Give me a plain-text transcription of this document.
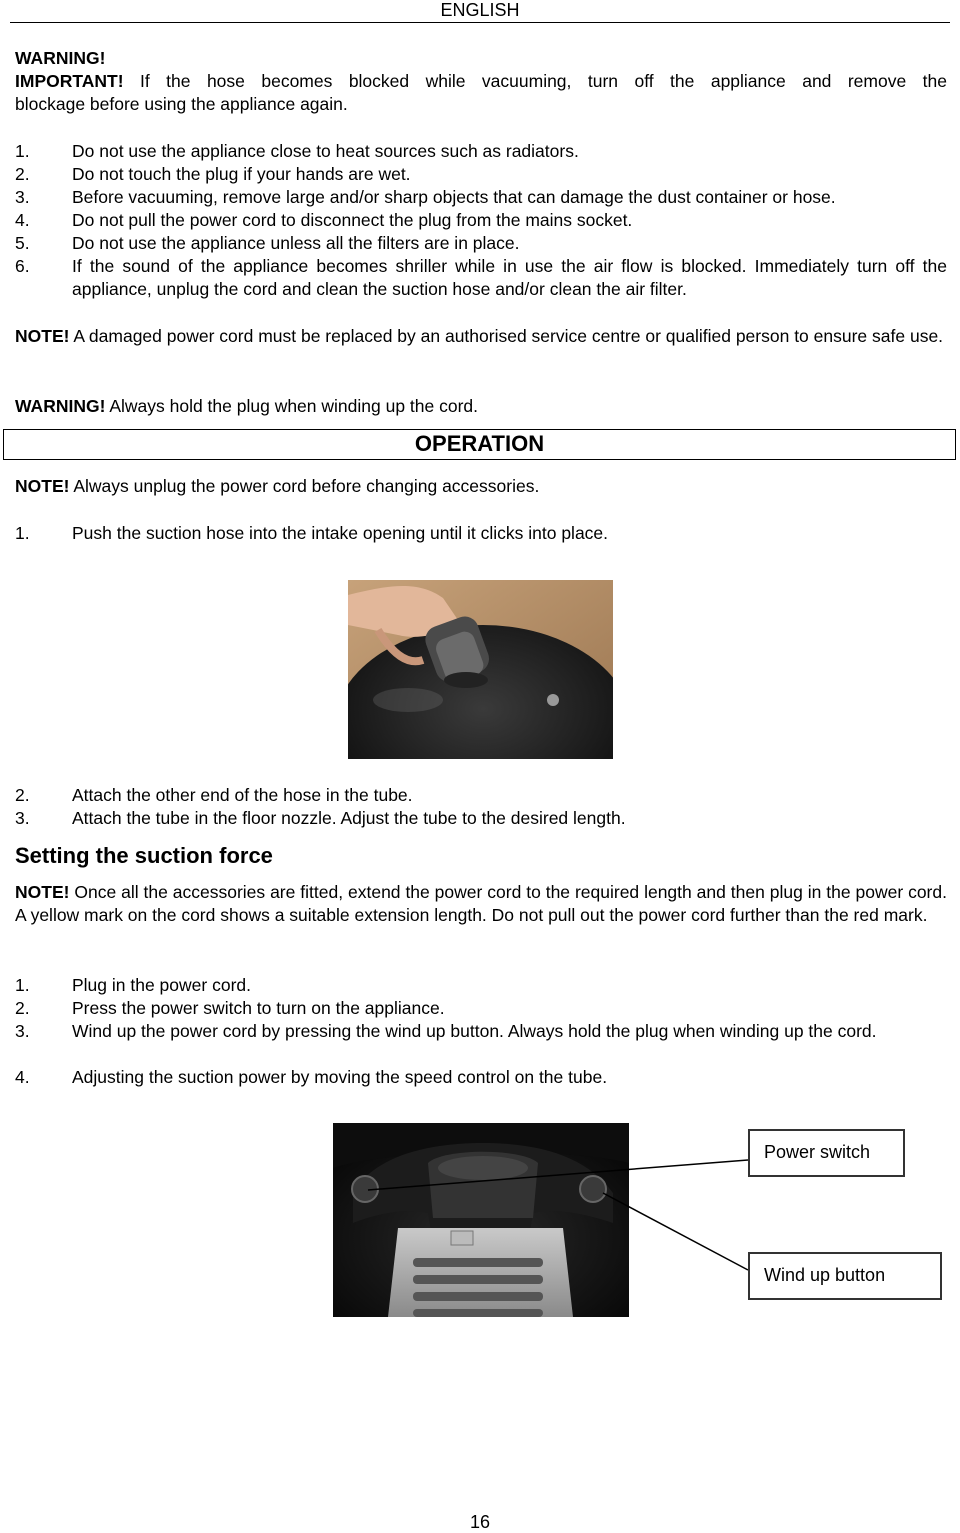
ENGLISH
WARNING!
IMPORTANT! If the hose becomes blocked while vacuuming, turn off the appliance and remove the
blockage before using the appliance again.
1. Do not use the appliance close to heat sources such as radiators.
2. Do not touch the plug if your hands are wet.
3. Before vacuuming, remove large and/or sharp objects that can damage the dust container or hose.
4. Do not pull the power cord to disconnect the plug from the mains socket.
5. Do not use the appliance unless all the filters are in place.
6. If the sound of the appliance becomes shriller while in use the air flow is blocked. Immediately turn off the appliance, unplug the cord and clean the suction hose and/or clean the air filter.
NOTE! A damaged power cord must be replaced by an authorised service centre or qualified person to ensure safe use.
WARNING! Always hold the plug when winding up the cord.
OPERATION
NOTE! Always unplug the power cord before changing accessories.
1. Push the suction hose into the intake opening until it clicks into place.
2. Attach the other end of the hose in the tube.
3. Attach the tube in the floor nozzle. Adjust the tube to the desired length.
Setting the suction force
NOTE! Once all the accessories are fitted, extend the power cord to the required length and then plug in the power cord. A yellow mark on the cord shows a suitable extension length. Do not pull out the power cord further than the red mark.
1. Plug in the power cord.
2. Press the power switch to turn on the appliance.
3. Wind up the power cord by pressing the wind up button. Always hold the plug when winding up the cord.
4. Adjusting the suction power by moving the speed control on the tube.
Power switch
Wind up button
16
